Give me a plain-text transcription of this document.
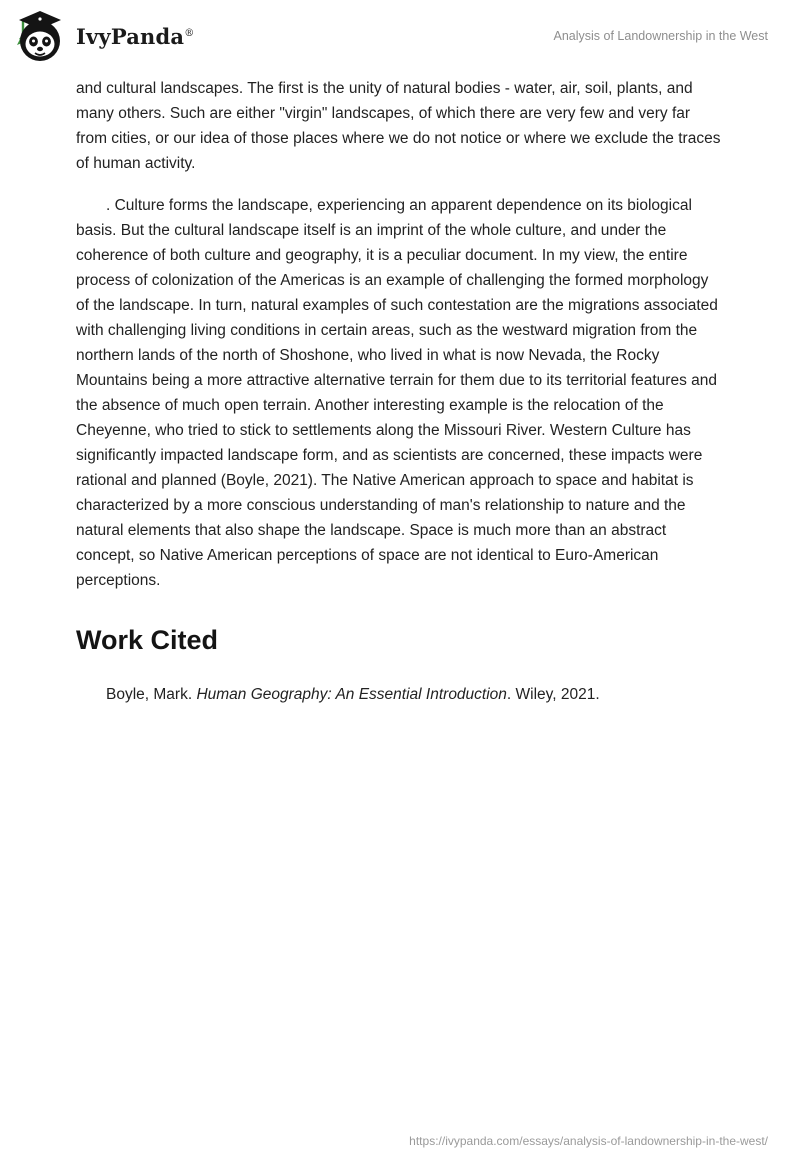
IvyPanda®	Analysis of Landownership in the West

and cultural landscapes. The first is the unity of natural bodies - water, air, soil, plants, and many others. Such are either "virgin" landscapes, of which there are very few and very far from cities, or our idea of those places where we do not notice or where we exclude the traces of human activity.

. Culture forms the landscape, experiencing an apparent dependence on its biological basis. But the cultural landscape itself is an imprint of the whole culture, and under the coherence of both culture and geography, it is a peculiar document. In my view, the entire process of colonization of the Americas is an example of challenging the formed morphology of the landscape. In turn, natural examples of such contestation are the migrations associated with challenging living conditions in certain areas, such as the westward migration from the northern lands of the north of Shoshone, who lived in what is now Nevada, the Rocky Mountains being a more attractive alternative terrain for them due to its territorial features and the absence of much open terrain. Another interesting example is the relocation of the Cheyenne, who tried to stick to settlements along the Missouri River. Western Culture has significantly impacted landscape form, and as scientists are concerned, these impacts were rational and planned (Boyle, 2021). The Native American approach to space and habitat is characterized by a more conscious understanding of man's relationship to nature and the natural elements that also shape the landscape. Space is much more than an abstract concept, so Native American perceptions of space are not identical to Euro-American perceptions.

Work Cited

Boyle, Mark. Human Geography: An Essential Introduction. Wiley, 2021.

https://ivypanda.com/essays/analysis-of-landownership-in-the-west/
